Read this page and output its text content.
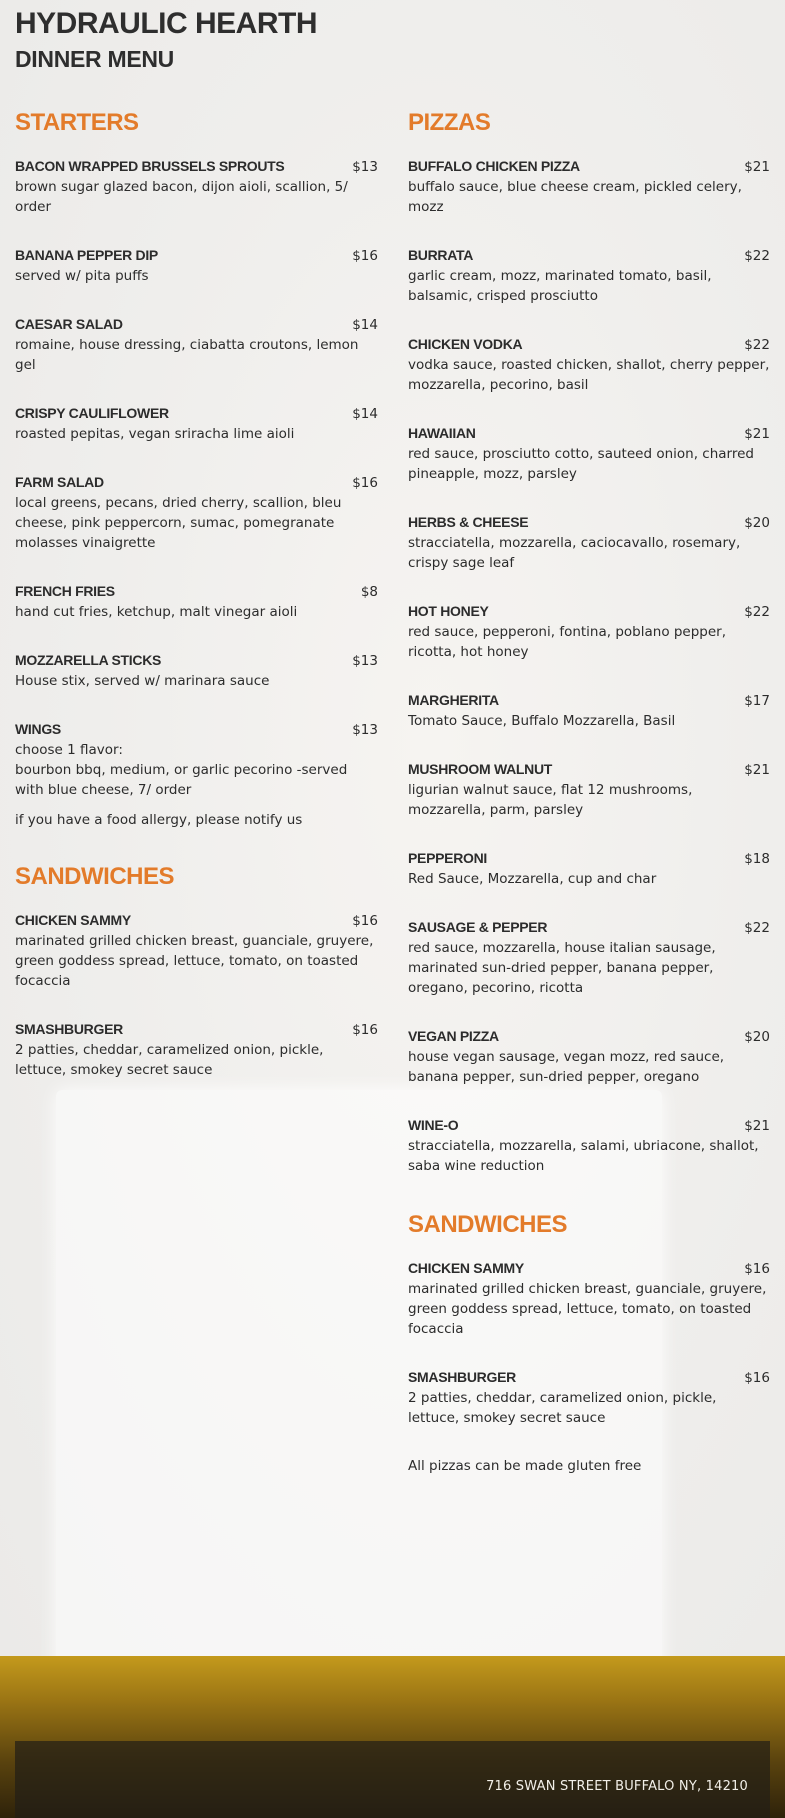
HYDRAULIC HEARTH
DINNER MENU
STARTERS
BACON WRAPPED BRUSSELS SPROUTS	$13
brown sugar glazed bacon, dijon aioli, scallion, 5/ order
BANANA PEPPER DIP	$16
served w/ pita puffs
CAESAR SALAD	$14
romaine, house dressing, ciabatta croutons, lemon gel
CRISPY CAULIFLOWER	$14
roasted pepitas, vegan sriracha lime aioli
FARM SALAD	$16
local greens, pecans, dried cherry, scallion, bleu cheese, pink peppercorn, sumac, pomegranate molasses vinaigrette
FRENCH FRIES	$8
hand cut fries, ketchup, malt vinegar aioli
MOZZARELLA STICKS	$13
House stix, served w/ marinara sauce
WINGS	$13
choose 1 flavor:
bourbon bbq, medium, or garlic pecorino -served with blue cheese, 7/ order
if you have a food allergy, please notify us
SANDWICHES
CHICKEN SAMMY	$16
marinated grilled chicken breast, guanciale, gruyere, green goddess spread, lettuce, tomato, on toasted focaccia
SMASHBURGER	$16
2 patties, cheddar, caramelized onion, pickle, lettuce, smokey secret sauce
PIZZAS
BUFFALO CHICKEN PIZZA	$21
buffalo sauce, blue cheese cream, pickled celery, mozz
BURRATA	$22
garlic cream, mozz, marinated tomato, basil, balsamic, crisped prosciutto
CHICKEN VODKA	$22
vodka sauce, roasted chicken, shallot, cherry pepper, mozzarella, pecorino, basil
HAWAIIAN	$21
red sauce, prosciutto cotto, sauteed onion, charred pineapple, mozz, parsley
HERBS & CHEESE	$20
stracciatella, mozzarella, caciocavallo, rosemary, crispy sage leaf
HOT HONEY	$22
red sauce, pepperoni, fontina, poblano pepper, ricotta, hot honey
MARGHERITA	$17
Tomato Sauce, Buffalo Mozzarella, Basil
MUSHROOM WALNUT	$21
ligurian walnut sauce, flat 12 mushrooms, mozzarella, parm, parsley
PEPPERONI	$18
Red Sauce, Mozzarella, cup and char
SAUSAGE & PEPPER	$22
red sauce, mozzarella, house italian sausage, marinated sun-dried pepper, banana pepper, oregano, pecorino, ricotta
VEGAN PIZZA	$20
house vegan sausage, vegan mozz, red sauce, banana pepper, sun-dried pepper, oregano
WINE-O	$21
stracciatella, mozzarella, salami, ubriacone, shallot, saba wine reduction
SANDWICHES
CHICKEN SAMMY	$16
marinated grilled chicken breast, guanciale, gruyere, green goddess spread, lettuce, tomato, on toasted focaccia
SMASHBURGER	$16
2 patties, cheddar, caramelized onion, pickle, lettuce, smokey secret sauce
All pizzas can be made gluten free
716 SWAN STREET BUFFALO NY, 14210
